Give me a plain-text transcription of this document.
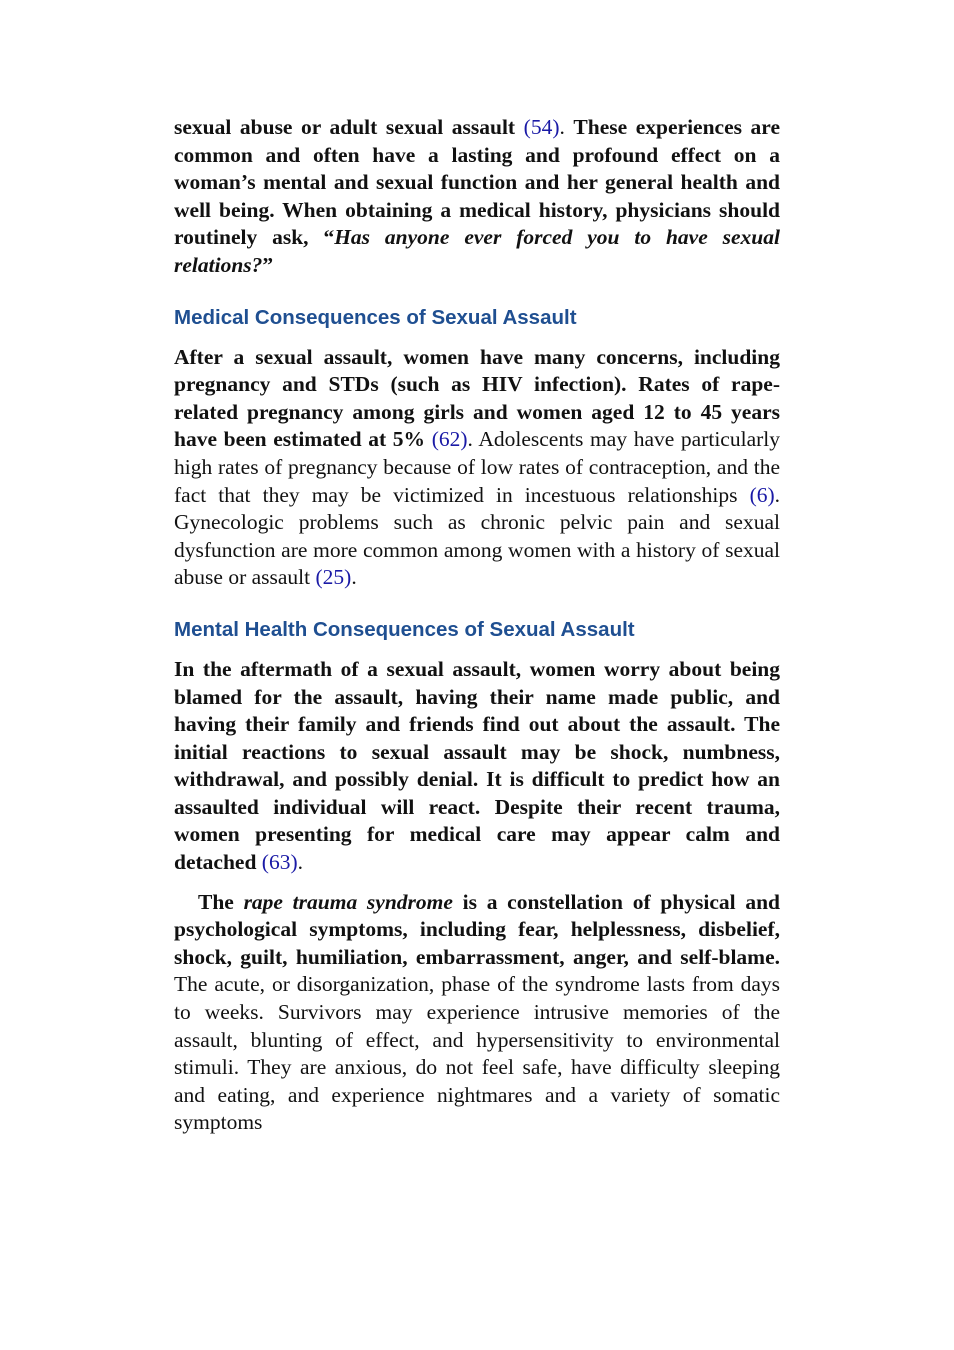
sexual abuse or adult sexual assault (54). These experiences are common and often have a lasting and profound effect on a woman’s mental and sexual function and her general health and well being. When obtaining a medical history, physicians should routinely ask, “Has anyone ever forced you to have sexual relations?”

Medical Consequences of Sexual Assault

After a sexual assault, women have many concerns, including pregnancy and STDs (such as HIV infection). Rates of rape-related pregnancy among girls and women aged 12 to 45 years have been estimated at 5% (62). Adolescents may have particularly high rates of pregnancy because of low rates of contraception, and the fact that they may be victimized in incestuous relationships (6). Gynecologic problems such as chronic pelvic pain and sexual dysfunction are more common among women with a history of sexual abuse or assault (25).

Mental Health Consequences of Sexual Assault

In the aftermath of a sexual assault, women worry about being blamed for the assault, having their name made public, and having their family and friends find out about the assault. The initial reactions to sexual assault may be shock, numbness, withdrawal, and possibly denial. It is difficult to predict how an assaulted individual will react. Despite their recent trauma, women presenting for medical care may appear calm and detached (63).

The rape trauma syndrome is a constellation of physical and psychological symptoms, including fear, helplessness, disbelief, shock, guilt, humiliation, embarrassment, anger, and self-blame. The acute, or disorganization, phase of the syndrome lasts from days to weeks. Survivors may experience intrusive memories of the assault, blunting of effect, and hypersensitivity to environmental stimuli. They are anxious, do not feel safe, have difficulty sleeping and eating, and experience nightmares and a variety of somatic symptoms
